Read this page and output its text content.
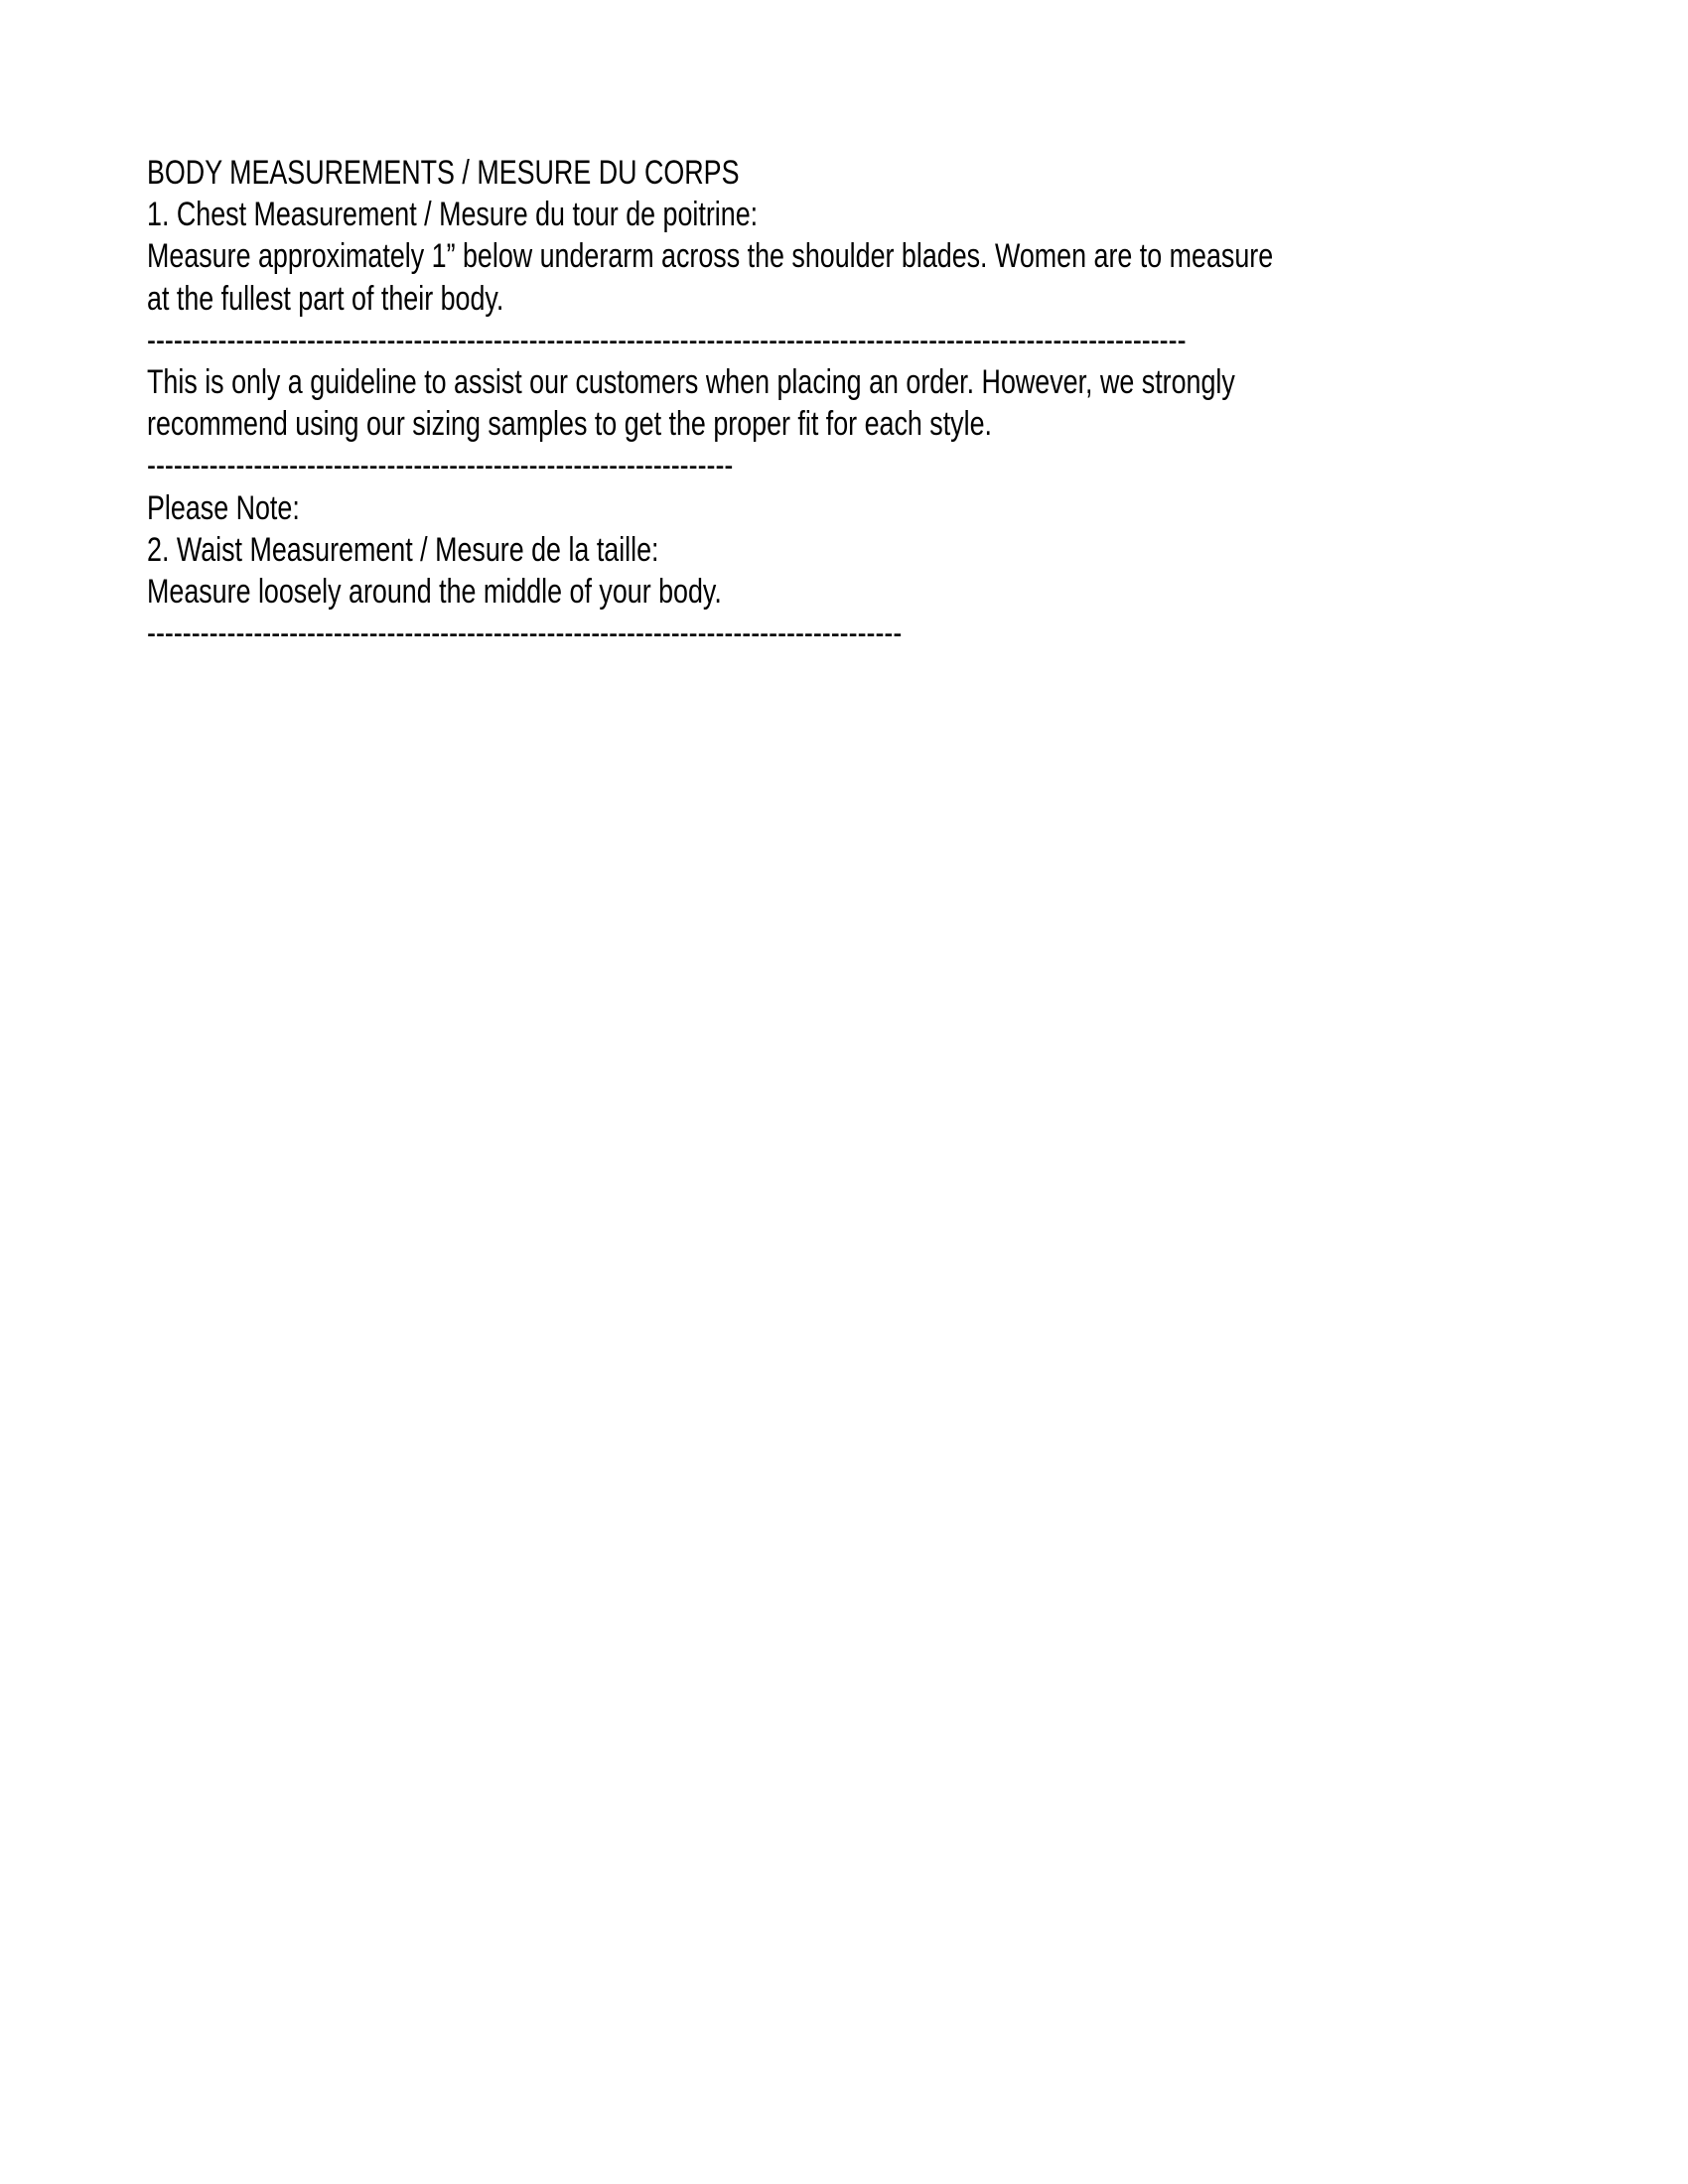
BODY MEASUREMENTS / MESURE DU CORPS
1. Chest Measurement / Mesure du tour de poitrine:
Measure approximately 1” below underarm across the shoulder blades. Women are to measure
at the fullest part of their body.
---------------------------------------------------------------------------------------------------------------------
This is only a guideline to assist our customers when placing an order. However, we strongly
recommend using our sizing samples to get the proper fit for each style.
------------------------------------------------------------------
Please Note:
2. Waist Measurement / Mesure de la taille:
Measure loosely around the middle of your body.
-------------------------------------------------------------------------------------
